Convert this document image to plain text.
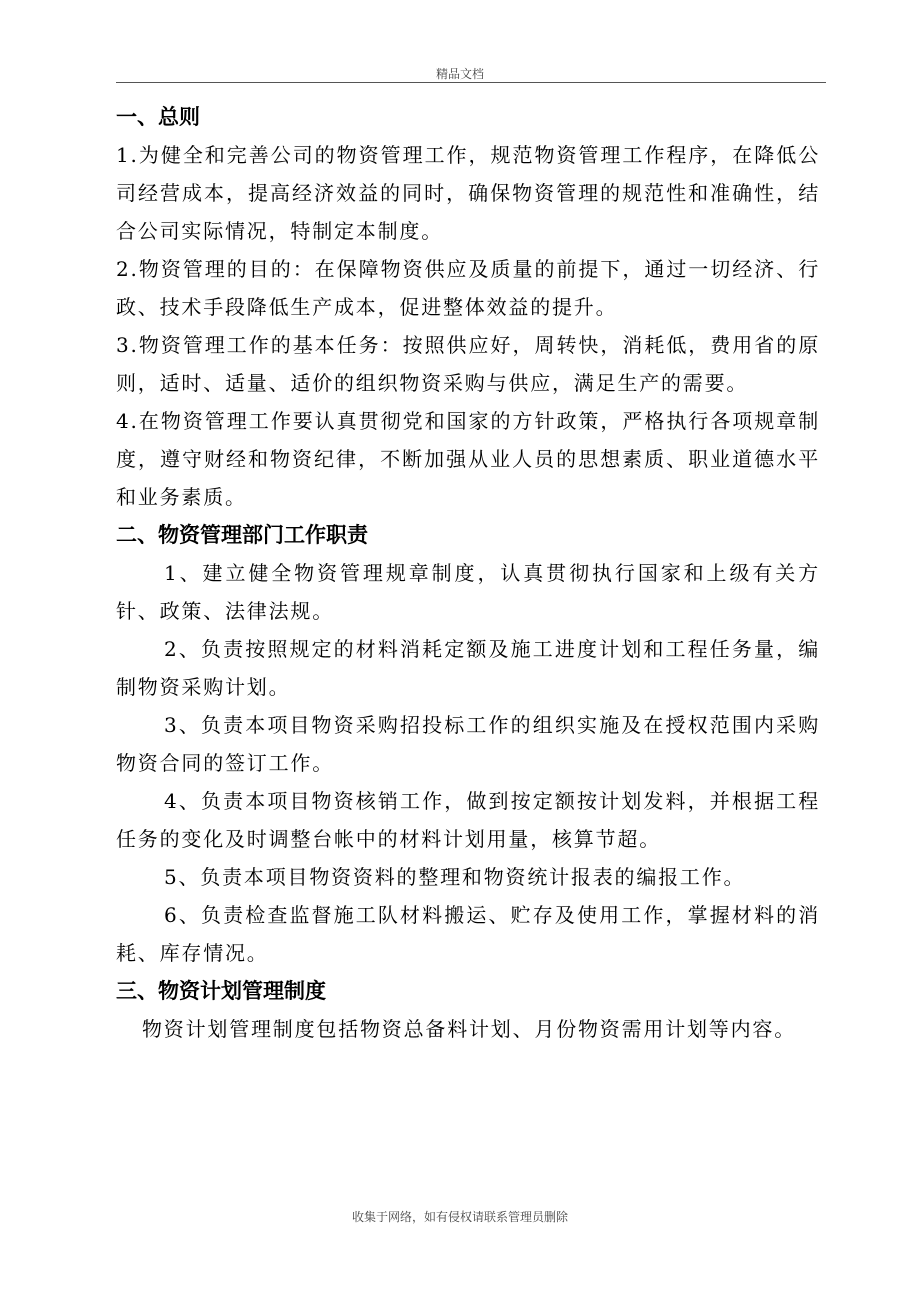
精品文档
一、总则

1.为健全和完善公司的物资管理工作，规范物资管理工作程序，在降低公司经营成本，提高经济效益的同时，确保物资管理的规范性和准确性，结合公司实际情况，特制定本制度。

2.物资管理的目的：在保障物资供应及质量的前提下，通过一切经济、行政、技术手段降低生产成本，促进整体效益的提升。

3.物资管理工作的基本任务：按照供应好，周转快，消耗低，费用省的原则，适时、适量、适价的组织物资采购与供应，满足生产的需要。

4.在物资管理工作要认真贯彻党和国家的方针政策，严格执行各项规章制度，遵守财经和物资纪律，不断加强从业人员的思想素质、职业道德水平和业务素质。

二、物资管理部门工作职责

1、建立健全物资管理规章制度，认真贯彻执行国家和上级有关方针、政策、法律法规。

2、负责按照规定的材料消耗定额及施工进度计划和工程任务量，编制物资采购计划。

3、负责本项目物资采购招投标工作的组织实施及在授权范围内采购物资合同的签订工作。

4、负责本项目物资核销工作，做到按定额按计划发料，并根据工程任务的变化及时调整台帐中的材料计划用量，核算节超。

5、负责本项目物资资料的整理和物资统计报表的编报工作。

6、负责检查监督施工队材料搬运、贮存及使用工作，掌握材料的消耗、库存情况。

三、物资计划管理制度

物资计划管理制度包括物资总备料计划、月份物资需用计划等内容。

收集于网络，如有侵权请联系管理员删除
